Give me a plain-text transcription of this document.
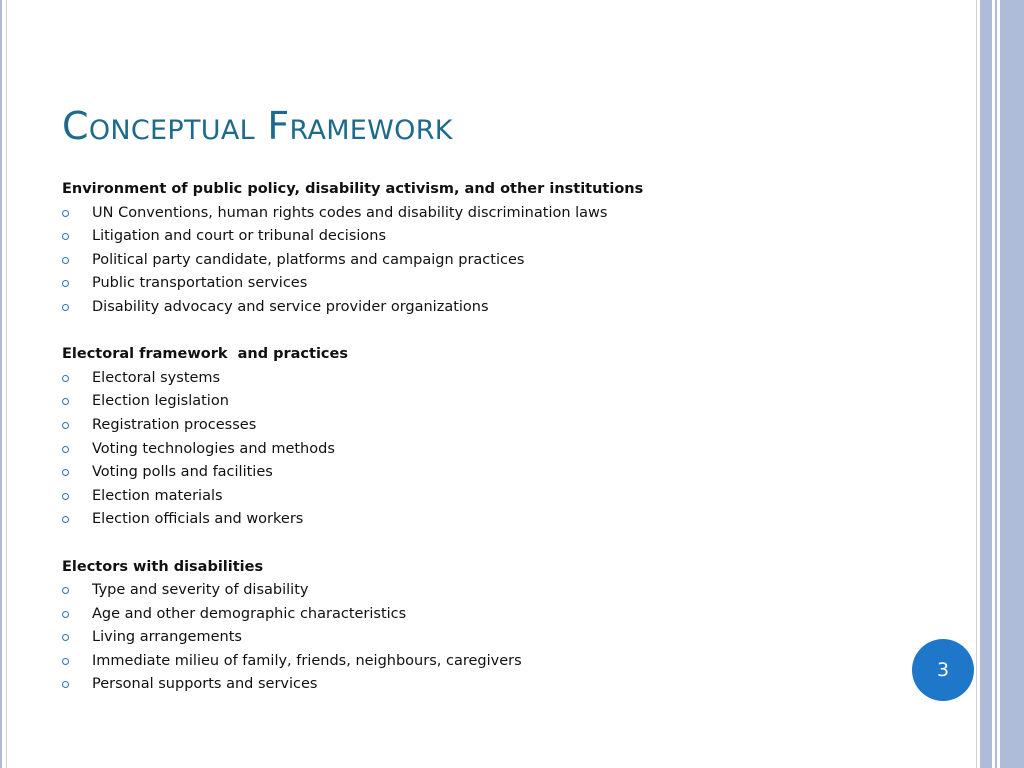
Conceptual Framework
Environment of public policy, disability activism, and other institutions
UN Conventions, human rights codes and disability discrimination laws
Litigation and court or tribunal decisions
Political party candidate, platforms and campaign practices
Public transportation services
Disability advocacy and service provider organizations
Electoral framework  and practices
Electoral systems
Election legislation
Registration processes
Voting technologies and methods
Voting polls and facilities
Election materials
Election officials and workers
Electors with disabilities
Type and severity of disability
Age and other demographic characteristics
Living arrangements
Immediate milieu of family, friends, neighbours, caregivers
Personal supports and services
3
